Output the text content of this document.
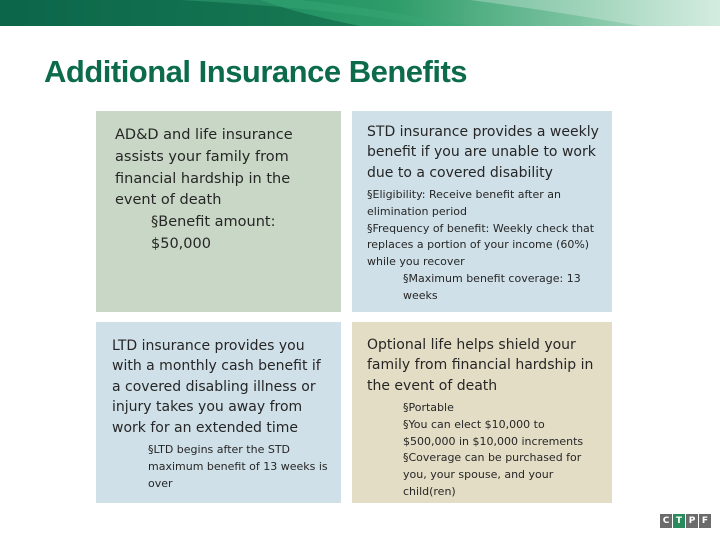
Additional Insurance Benefits
AD&D and life insurance assists your family from financial hardship in the event of death
§Benefit amount: $50,000
STD insurance provides a weekly benefit if you are unable to work due to a covered disability

§Eligibility: Receive benefit after an elimination period

§Frequency of benefit: Weekly check that replaces a portion of your income (60%) while you recover

§Maximum benefit coverage: 13 weeks

LTD insurance provides you with a monthly cash benefit if a covered disabling illness or injury takes you away from work for an extended time

§LTD begins after the STD maximum benefit of 13 weeks is over

Optional life helps shield your family from financial hardship in the event of death

§Portable

§You can elect $10,000 to $500,000 in $10,000 increments

§Coverage can be purchased for you, your spouse, and your child(ren)

C T P F
